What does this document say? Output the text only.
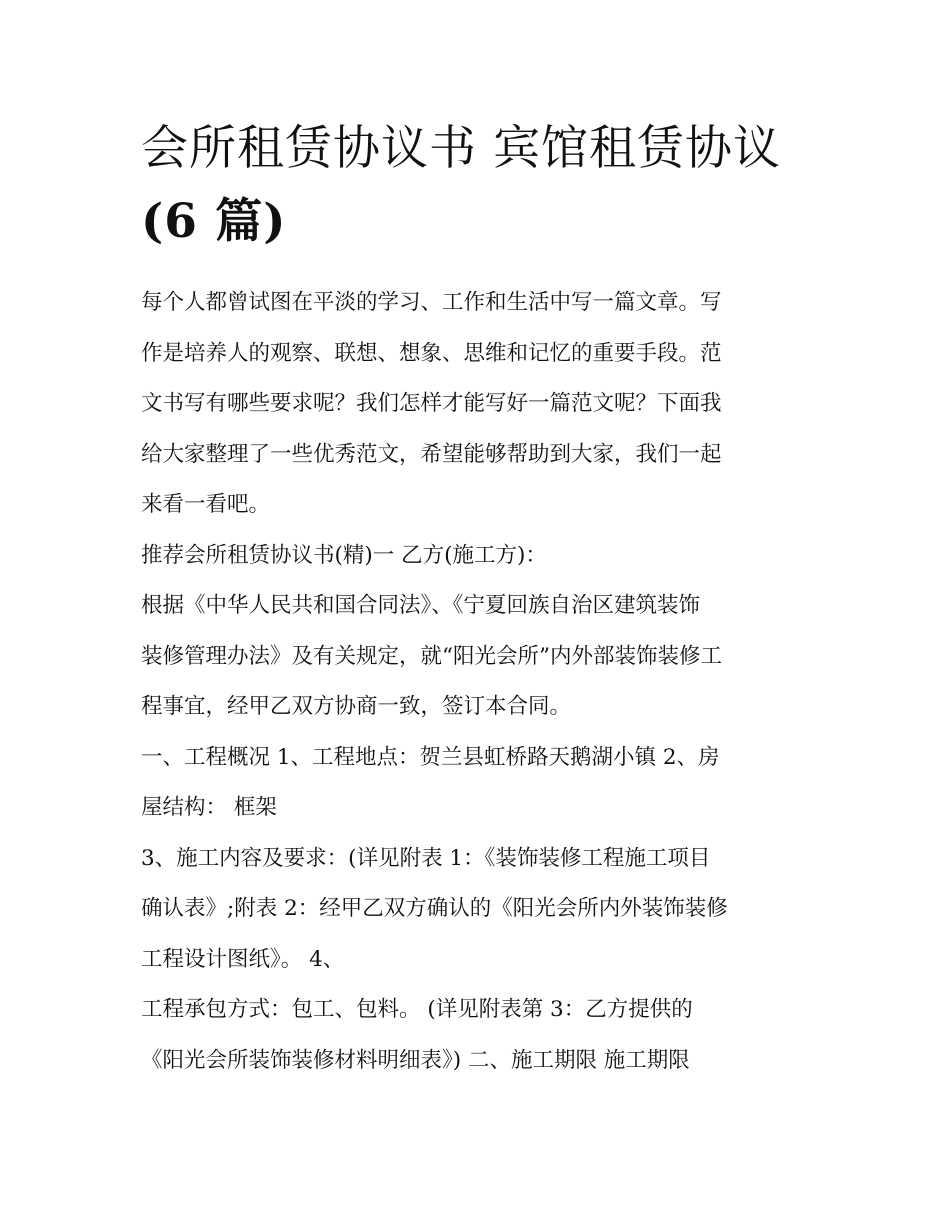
会所租赁协议书 宾馆租赁协议
(6 篇)
每个人都曾试图在平淡的学习、工作和生活中写一篇文章。写
作是培养人的观察、联想、想象、思维和记忆的重要手段。范
文书写有哪些要求呢？我们怎样才能写好一篇范文呢？下面我
给大家整理了一些优秀范文，希望能够帮助到大家，我们一起
来看一看吧。
推荐会所租赁协议书(精)一 乙方(施工方)：
根据《中华人民共和国合同法》、《宁夏回族自治区建筑装饰
装修管理办法》及有关规定，就“阳光会所”内外部装饰装修工
程事宜，经甲乙双方协商一致，签订本合同。
一、工程概况 1、工程地点：贺兰县虹桥路天鹅湖小镇 2、房
屋结构： 框架
3、施工内容及要求：(详见附表 1：《装饰装修工程施工项目
确认表》;附表 2：经甲乙双方确认的《阳光会所内外装饰装修
工程设计图纸》。 4、
工程承包方式：包工、包料。 (详见附表第 3：乙方提供的
《阳光会所装饰装修材料明细表》) 二、施工期限 施工期限
